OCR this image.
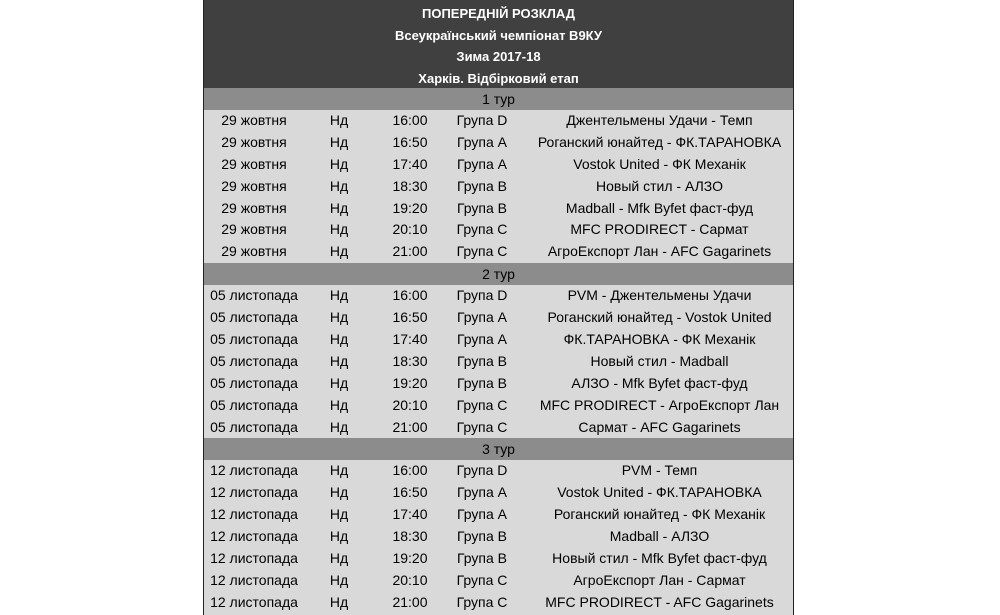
ПОПЕРЕДНІЙ РОЗКЛАД
Всеукраїнський чемпіонат В9КУ
Зима 2017-18
Харків. Відбірковий етап
1 тур
29 жовтня	Нд	16:00	Група D	Джентельмены Удачи - Темп
29 жовтня	Нд	16:50	Група A	Роганский юнайтед - ФК.ТАРАНОВКА
29 жовтня	Нд	17:40	Група A	Vostok United - ФК Механік
29 жовтня	Нд	18:30	Група B	Новый стил - АЛЗО
29 жовтня	Нд	19:20	Група B	Madball - Mfk Byfet фаст-фуд
29 жовтня	Нд	20:10	Група C	MFC PRODIRECT - Сармат
29 жовтня	Нд	21:00	Група C	АгроЕкспорт Лан - AFC Gagarinets
2 тур
05 листопада	Нд	16:00	Група D	PVM - Джентельмены Удачи
05 листопада	Нд	16:50	Група A	Роганский юнайтед - Vostok United
05 листопада	Нд	17:40	Група A	ФК.ТАРАНОВКА - ФК Механік
05 листопада	Нд	18:30	Група B	Новый стил - Madball
05 листопада	Нд	19:20	Група B	АЛЗО - Mfk Byfet фаст-фуд
05 листопада	Нд	20:10	Група C	MFC PRODIRECT - АгроЕкспорт Лан
05 листопада	Нд	21:00	Група C	Сармат - AFC Gagarinets
3 тур
12 листопада	Нд	16:00	Група D	PVM - Темп
12 листопада	Нд	16:50	Група A	Vostok United - ФК.ТАРАНОВКА
12 листопада	Нд	17:40	Група A	Роганский юнайтед - ФК Механік
12 листопада	Нд	18:30	Група B	Madball - АЛЗО
12 листопада	Нд	19:20	Група B	Новый стил - Mfk Byfet фаст-фуд
12 листопада	Нд	20:10	Група C	АгроЕкспорт Лан - Сармат
12 листопада	Нд	21:00	Група C	MFC PRODIRECT - AFC Gagarinets
